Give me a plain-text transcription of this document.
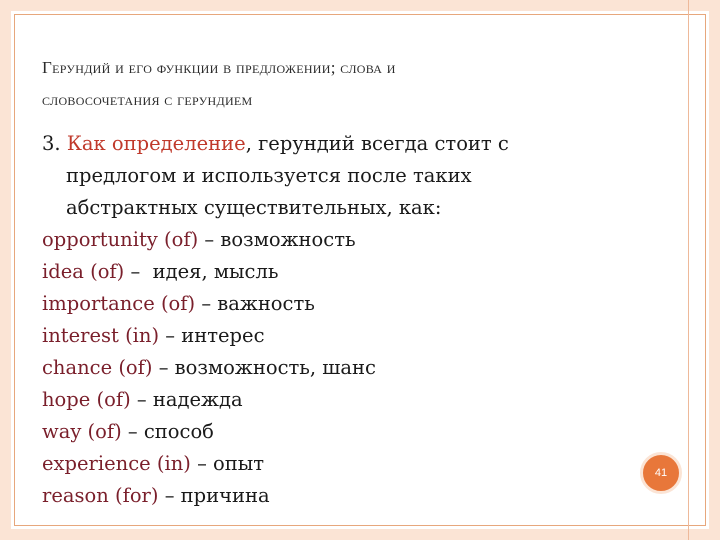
Герундий и его функции в предложении; слова и
словосочетания с герундием
3. Как определение, герундий всегда стоит с
предлогом и используется после таких
абстрактных существительных, как:
opportunity (of) – возможность
idea (of) –  идея, мысль
importance (of) – важность
interest (in) – интерес
chance (of) – возможность, шанс
hope (of) – надежда
way (of) – способ
experience (in) – опыт
reason (for) – причина
41
